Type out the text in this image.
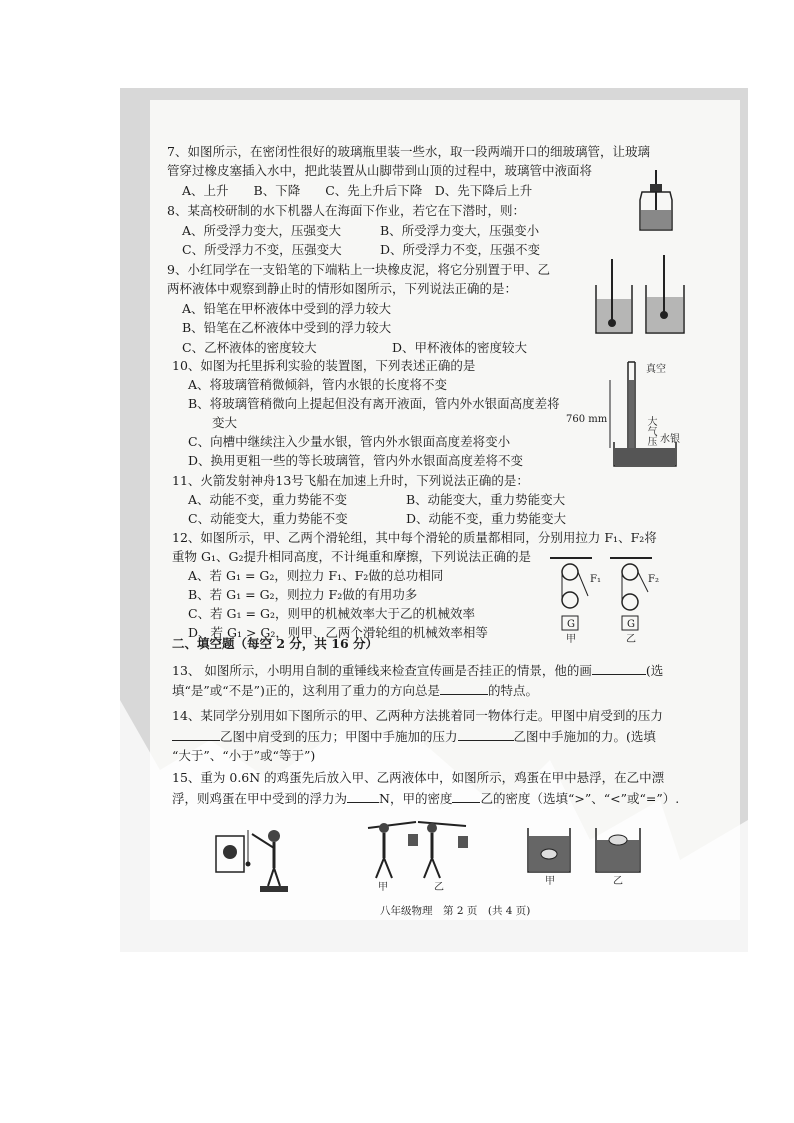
7、如图所示，在密闭性很好的玻璃瓶里装一些水，取一段两端开口的细玻璃管，让玻璃
管穿过橡皮塞插入水中，把此装置从山脚带到山顶的过程中，玻璃管中液面将
A、上升　　B、下降　　C、先上升后下降　D、先下降后上升
8、某高校研制的水下机器人在海面下作业，若它在下潜时，则：
A、所受浮力变大，压强变大	B、所受浮力变大，压强变小
C、所受浮力不变，压强变大	D、所受浮力不变，压强不变
9、小红同学在一支铅笔的下端粘上一块橡皮泥，将它分别置于甲、乙
两杯液体中观察到静止时的情形如图所示，下列说法正确的是：
A、铅笔在甲杯液体中受到的浮力较大
B、铅笔在乙杯液体中受到的浮力较大
C、乙杯液体的密度较大	D、甲杯液体的密度较大
10、如图为托里拆利实验的装置图，下列表述正确的是
A、将玻璃管稍微倾斜，管内水银的长度将不变
B、将玻璃管稍微向上提起但没有离开液面，管内外水银面高度差将
变大
C、向槽中继续注入少量水银，管内外水银面高度差将变小
D、换用更粗一些的等长玻璃管，管内外水银面高度差将不变
真空
760 mm	大气压 水银
11、火箭发射神舟13号飞船在加速上升时，下列说法正确的是：
A、动能不变，重力势能不变	B、动能变大，重力势能变大
C、动能变大，重力势能不变	D、动能不变，重力势能变大
12、如图所示，甲、乙两个滑轮组，其中每个滑轮的质量都相同，分别用拉力 F₁、F₂将
重物 G₁、G₂提升相同高度，不计绳重和摩擦，下列说法正确的是
A、若 G₁ = G₂，则拉力 F₁、F₂做的总功相同
B、若 G₁ = G₂，则拉力 F₂做的有用功多
C、若 G₁ = G₂，则甲的机械效率大于乙的机械效率
D、若 G₁ > G₂，则甲、乙两个滑轮组的机械效率相等
F₁	F₂
G	G
甲	乙
二、填空题（每空 2 分，共 16 分）
13、 如图所示，小明用自制的重锤线来检查宣传画是否挂正的情景，他的画	(选
填“是”或“不是”)正的，这利用了重力的方向总是	的特点。
14、某同学分别用如下图所示的甲、乙两种方法挑着同一物体行走。甲图中肩受到的压力
乙图中肩受到的压力；甲图中手施加的压力	乙图中手施加的力。(选填
“大于”、“小于”或“等于”)
15、重为 0.6N 的鸡蛋先后放入甲、乙两液体中，如图所示，鸡蛋在甲中悬浮，在乙中漂
浮，则鸡蛋在甲中受到的浮力为	N，甲的密度 乙的密度（选填“>”、“<”或“=”）.
甲	乙
甲	乙
八年级物理　第 2 页　(共 4 页)
